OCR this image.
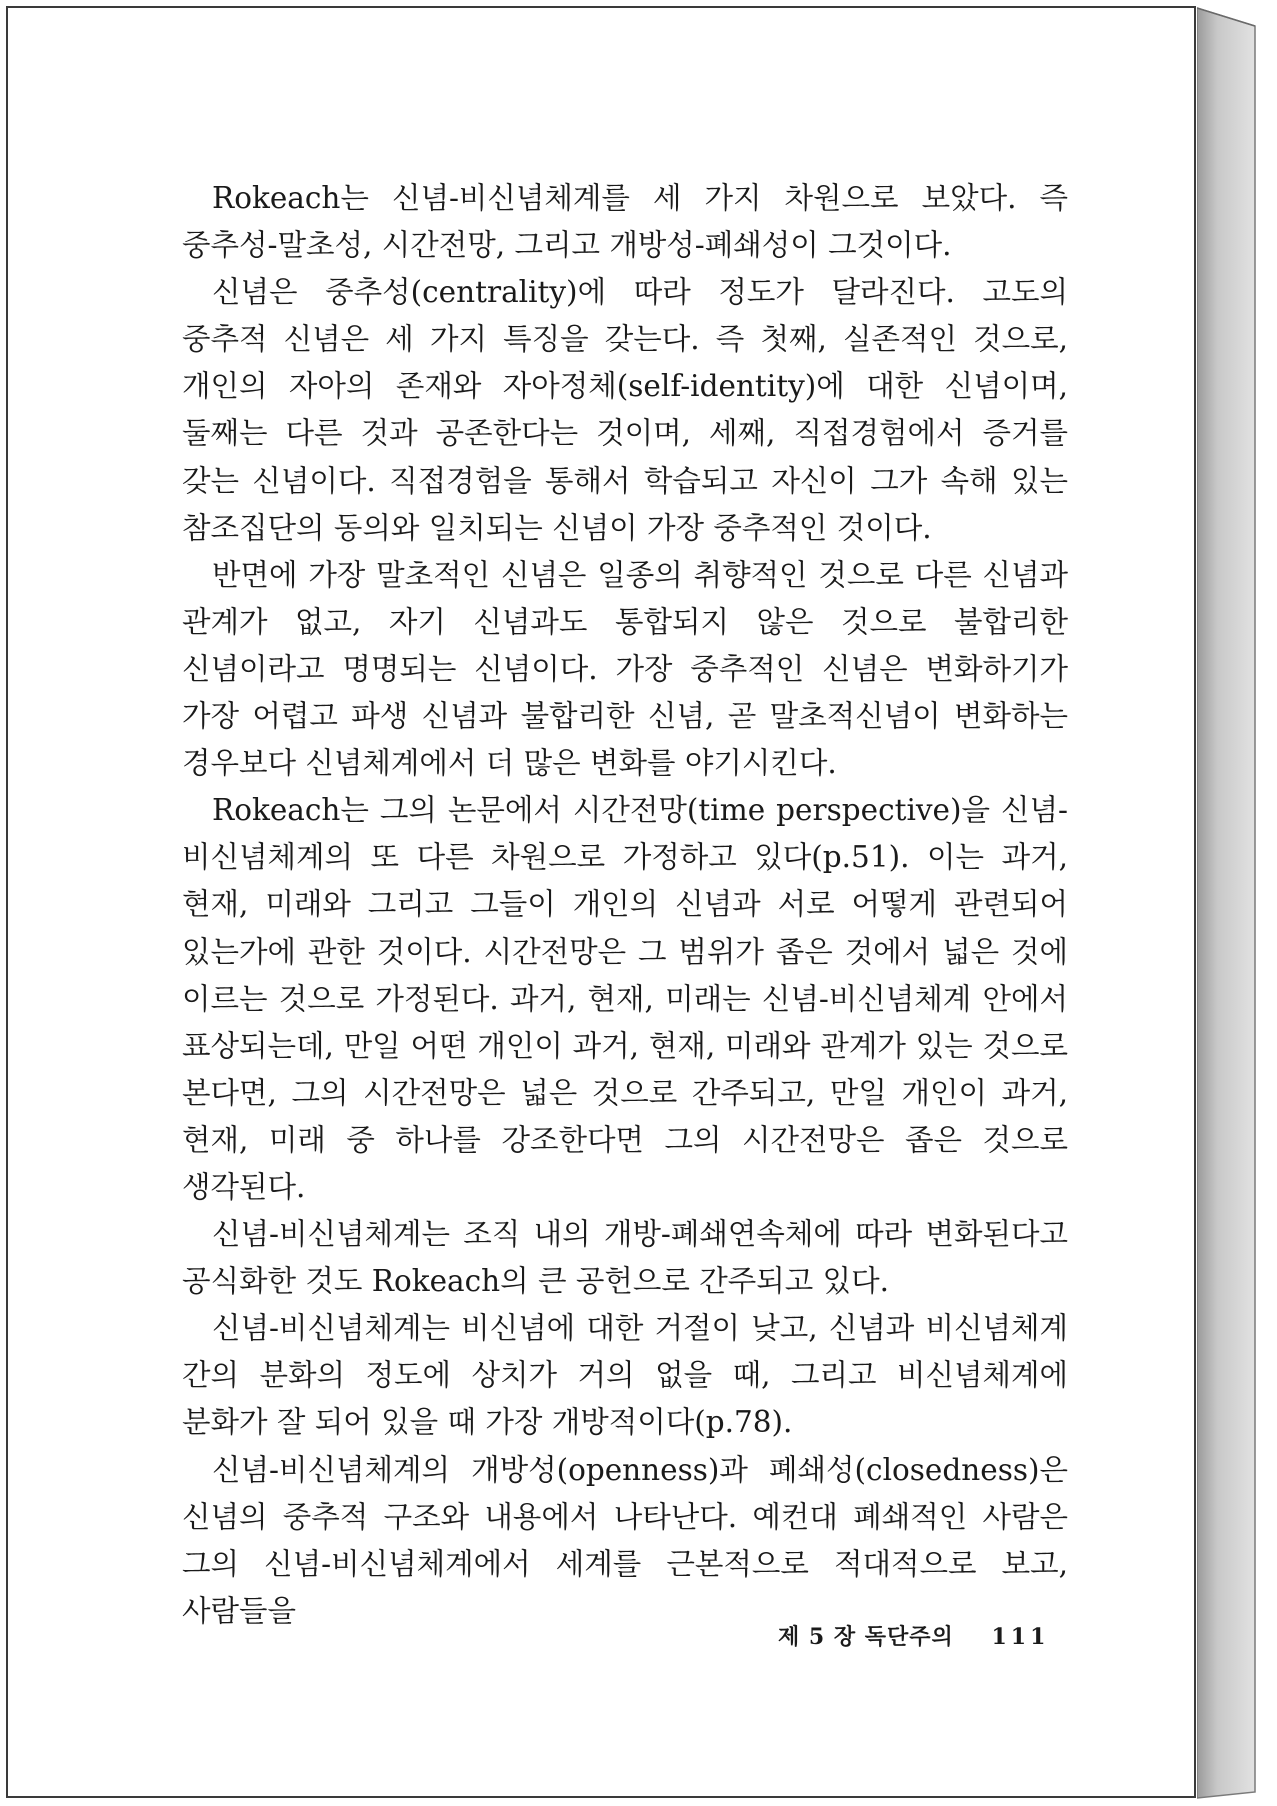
Rokeach는 신념-비신념체계를 세 가지 차원으로 보았다. 즉 중추성-말초성, 시간전망, 그리고 개방성-폐쇄성이 그것이다.

신념은 중추성(centrality)에 따라 정도가 달라진다. 고도의 중추적 신념은 세 가지 특징을 갖는다. 즉 첫째, 실존적인 것으로, 개인의 자아의 존재와 자아정체(self-identity)에 대한 신념이며, 둘째는 다른 것과 공존한다는 것이며, 세째, 직접경험에서 증거를 갖는 신념이다. 직접경험을 통해서 학습되고 자신이 그가 속해 있는 참조집단의 동의와 일치되는 신념이 가장 중추적인 것이다.

반면에 가장 말초적인 신념은 일종의 취향적인 것으로 다른 신념과 관계가 없고, 자기 신념과도 통합되지 않은 것으로 불합리한 신념이라고 명명되는 신념이다. 가장 중추적인 신념은 변화하기가 가장 어렵고 파생 신념과 불합리한 신념, 곧 말초적신념이 변화하는 경우보다 신념체계에서 더 많은 변화를 야기시킨다.

Rokeach는 그의 논문에서 시간전망(time perspective)을 신념-비신념체계의 또 다른 차원으로 가정하고 있다(p.51). 이는 과거, 현재, 미래와 그리고 그들이 개인의 신념과 서로 어떻게 관련되어 있는가에 관한 것이다. 시간전망은 그 범위가 좁은 것에서 넓은 것에 이르는 것으로 가정된다. 과거, 현재, 미래는 신념-비신념체계 안에서 표상되는데, 만일 어떤 개인이 과거, 현재, 미래와 관계가 있는 것으로 본다면, 그의 시간전망은 넓은 것으로 간주되고, 만일 개인이 과거, 현재, 미래 중 하나를 강조한다면 그의 시간전망은 좁은 것으로 생각된다.

신념-비신념체계는 조직 내의 개방-폐쇄연속체에 따라 변화된다고 공식화한 것도 Rokeach의 큰 공헌으로 간주되고 있다.

신념-비신념체계는 비신념에 대한 거절이 낮고, 신념과 비신념체계 간의 분화의 정도에 상치가 거의 없을 때, 그리고 비신념체계에 분화가 잘 되어 있을 때 가장 개방적이다(p.78).

신념-비신념체계의 개방성(openness)과 폐쇄성(closedness)은 신념의 중추적 구조와 내용에서 나타난다. 예컨대 폐쇄적인 사람은 그의 신념-비신념체계에서 세계를 근본적으로 적대적으로 보고, 사람들을

제 5 장 독단주의 111
